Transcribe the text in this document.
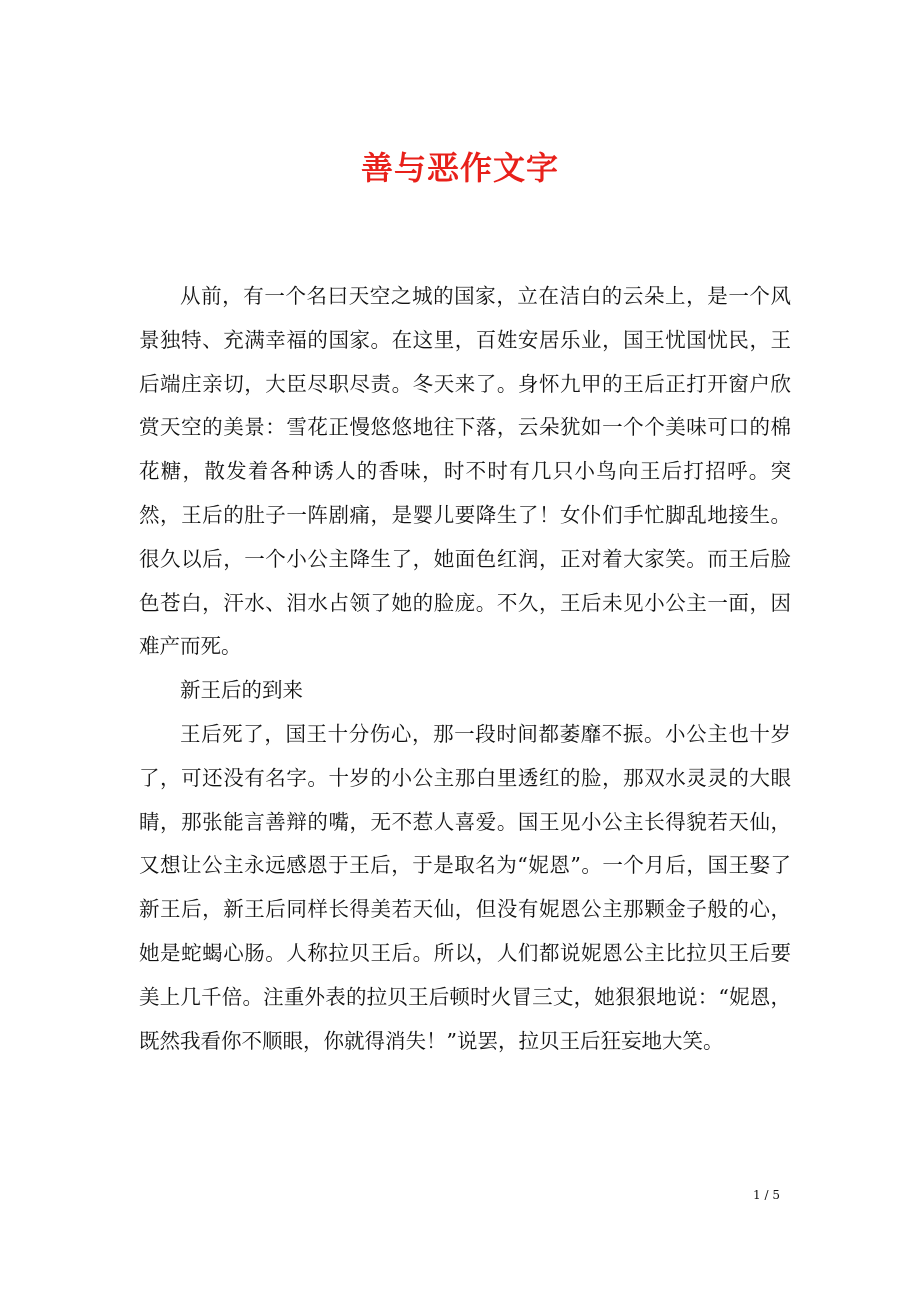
善与恶作文字

从前，有一个名曰天空之城的国家，立在洁白的云朵上，是一个风景独特、充满幸福的国家。在这里，百姓安居乐业，国王忧国忧民，王后端庄亲切，大臣尽职尽责。冬天来了。身怀九甲的王后正打开窗户欣赏天空的美景：雪花正慢悠悠地往下落，云朵犹如一个个美味可口的棉花糖，散发着各种诱人的香味，时不时有几只小鸟向王后打招呼。突然，王后的肚子一阵剧痛，是婴儿要降生了！女仆们手忙脚乱地接生。很久以后，一个小公主降生了，她面色红润，正对着大家笑。而王后脸色苍白，汗水、泪水占领了她的脸庞。不久，王后未见小公主一面，因难产而死。

新王后的到来

王后死了，国王十分伤心，那一段时间都萎靡不振。小公主也十岁了，可还没有名字。十岁的小公主那白里透红的脸，那双水灵灵的大眼睛，那张能言善辩的嘴，无不惹人喜爱。国王见小公主长得貌若天仙，又想让公主永远感恩于王后，于是取名为“妮恩”。一个月后，国王娶了新王后，新王后同样长得美若天仙，但没有妮恩公主那颗金子般的心，她是蛇蝎心肠。人称拉贝王后。所以，人们都说妮恩公主比拉贝王后要美上几千倍。注重外表的拉贝王后顿时火冒三丈，她狠狠地说：“妮恩，既然我看你不顺眼，你就得消失！”说罢，拉贝王后狂妄地大笑。

1 / 5
